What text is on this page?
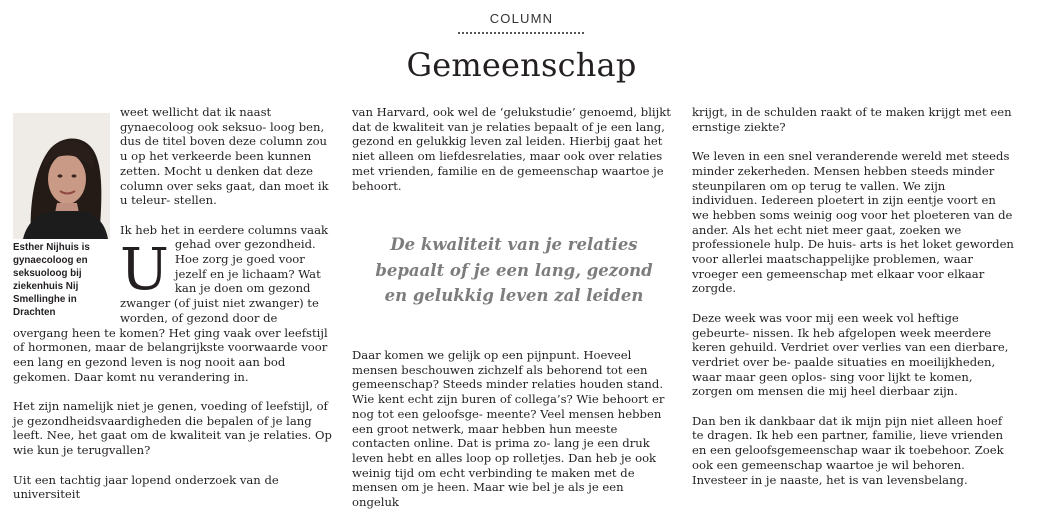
COLUMN
Gemeenschap
Esther Nijhuis is gynaecoloog en seksuoloog bij ziekenhuis Nij Smellinghe in Drachten
U

weet wellicht dat ik naast gynaecoloog ook seksuo- loog ben, dus de titel boven deze column zou u op het verkeerde been kunnen zetten. Mocht u denken dat deze column over seks gaat, dan moet ik u teleur- stellen.

Ik heb het in eerdere columns vaak gehad over gezondheid. Hoe zorg je goed voor jezelf en je lichaam? Wat kan je doen om gezond zwanger (of juist niet zwanger) te worden, of gezond door de overgang heen te komen? Het ging vaak over leefstijl of hormonen, maar de belangrijkste voorwaarde voor een lang en gezond leven is nog nooit aan bod gekomen. Daar komt nu verandering in.

Het zijn namelijk niet je genen, voeding of leefstijl, of je gezondheidsvaardigheden die bepalen of je lang leeft. Nee, het gaat om de kwaliteit van je relaties. Op wie kun je terugvallen?

Uit een tachtig jaar lopend onderzoek van de universiteit

van Harvard, ook wel de ‘gelukstudie’ genoemd, blijkt dat de kwaliteit van je relaties bepaalt of je een lang, gezond en gelukkig leven zal leiden. Hierbij gaat het niet alleen om liefdesrelaties, maar ook over relaties met vrienden, familie en de gemeenschap waartoe je behoort.

De kwaliteit van je relaties bepaalt of je een lang, gezond en gelukkig leven zal leiden

Daar komen we gelijk op een pijnpunt. Hoeveel mensen beschouwen zichzelf als behorend tot een gemeenschap? Steeds minder relaties houden stand. Wie kent echt zijn buren of collega’s? Wie behoort er nog tot een geloofsge- meente? Veel mensen hebben een groot netwerk, maar hebben hun meeste contacten online. Dat is prima zo- lang je een druk leven hebt en alles loop op rolletjes. Dan heb je ook weinig tijd om echt verbinding te maken met de mensen om je heen. Maar wie bel je als je een ongeluk

krijgt, in de schulden raakt of te maken krijgt met een ernstige ziekte?

We leven in een snel veranderende wereld met steeds minder zekerheden. Mensen hebben steeds minder steunpilaren om op terug te vallen. We zijn individuen. Iedereen ploetert in zijn eentje voort en we hebben soms weinig oog voor het ploeteren van de ander. Als het echt niet meer gaat, zoeken we professionele hulp. De huis- arts is het loket geworden voor allerlei maatschappelijke problemen, waar vroeger een gemeenschap met elkaar voor elkaar zorgde.

Deze week was voor mij een week vol heftige gebeurte- nissen. Ik heb afgelopen week meerdere keren gehuild. Verdriet over verlies van een dierbare, verdriet over be- paalde situaties en moeilijkheden, waar maar geen oplos- sing voor lijkt te komen, zorgen om mensen die mij heel dierbaar zijn.

Dan ben ik dankbaar dat ik mijn pijn niet alleen hoef te dragen. Ik heb een partner, familie, lieve vrienden en een geloofsgemeenschap waar ik toebehoor. Zoek ook een gemeenschap waartoe je wil behoren. Investeer in je naaste, het is van levensbelang.
